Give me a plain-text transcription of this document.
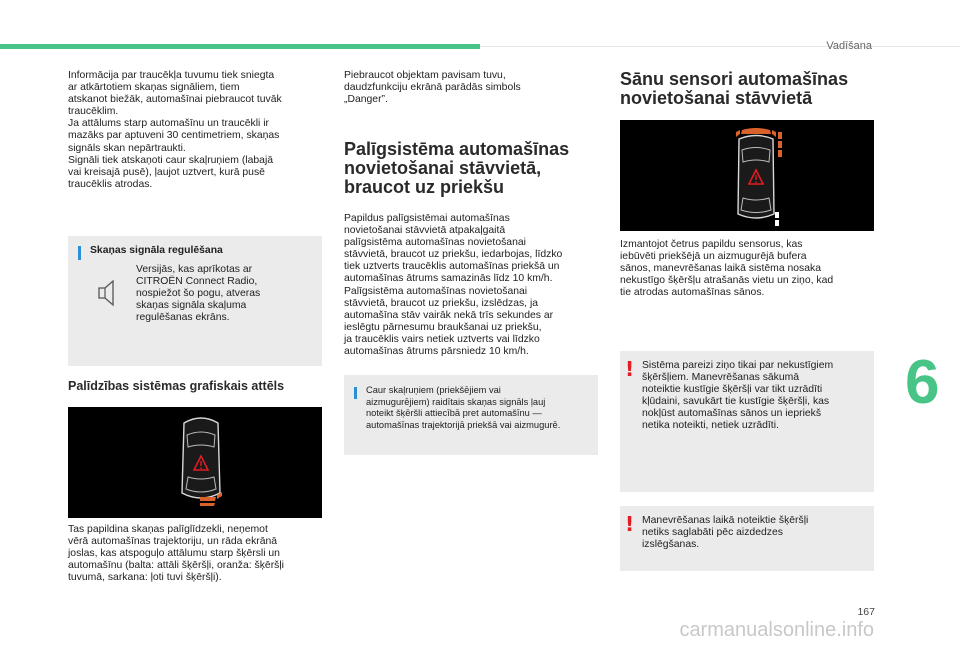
Vadīšana
Informācija par traucēkļa tuvumu tiek sniegta
ar atkārtotiem skaņas signāliem, tiem
atskanot biežāk, automašīnai piebraucot tuvāk
traucēklim.
Ja attālums starp automašīnu un traucēkli ir
mazāks par aptuveni 30 centimetriem, skaņas
signāls skan nepārtraukti.
Signāli tiek atskaņoti caur skaļruņiem (labajā
vai kreisajā pusē), ļaujot uztvert, kurā pusē
traucēklis atrodas.
Skaņas signāla regulēšana
Versijās, kas aprīkotas ar
CITROËN Connect Radio,
nospiežot šo pogu, atveras
skaņas signāla skaļuma
regulēšanas ekrāns.
Palīdzības sistēmas grafiskais attēls
Tas papildina skaņas palīglīdzekli, neņemot
vērā automašīnas trajektoriju, un rāda ekrānā
joslas, kas atspoguļo attālumu starp šķērsli un
automašīnu (balta: attāli šķēršļi, oranža: šķēršļi
tuvumā, sarkana: ļoti tuvi šķēršļi).
Piebraucot objektam pavisam tuvu,
daudzfunkciju ekrānā parādās simbols
„Danger”.
Palīgsistēma automašīnas
novietošanai stāvvietā,
braucot uz priekšu
Papildus palīgsistēmai automašīnas
novietošanai stāvvietā atpakaļgaitā
palīgsistēma automašīnas novietošanai
stāvvietā, braucot uz priekšu, iedarbojas, līdzko
tiek uztverts traucēklis automašīnas priekšā un
automašīnas ātrums samazinās līdz 10 km/h.
Palīgsistēma automašīnas novietošanai
stāvvietā, braucot uz priekšu, izslēdzas, ja
automašīna stāv vairāk nekā trīs sekundes ar
ieslēgtu pārnesumu braukšanai uz priekšu,
ja traucēklis vairs netiek uztverts vai līdzko
automašīnas ātrums pārsniedz 10 km/h.
Caur skaļruņiem (priekšējiem vai
aizmugurējiem) raidītais skaņas signāls ļauj
noteikt šķēršli attiecībā pret automašīnu —
automašīnas trajektorijā priekšā vai aizmugurē.
Sānu sensori automašīnas
novietošanai stāvvietā
Izmantojot četrus papildu sensorus, kas
iebūvēti priekšējā un aizmugurējā bufera
sānos, manevrēšanas laikā sistēma nosaka
nekustīgo šķēršļu atrašanās vietu un ziņo, kad
tie atrodas automašīnas sānos.
! Sistēma pareizi ziņo tikai par nekustīgiem
šķēršļiem. Manevrēšanas sākumā
noteiktie kustīgie šķēršļi var tikt uzrādīti
kļūdaini, savukārt tie kustīgie šķēršļi, kas
nokļūst automašīnas sānos un iepriekš
netika noteikti, netiek uzrādīti.
! Manevrēšanas laikā noteiktie šķēršļi
netiks saglabāti pēc aizdedzes
izslēgšanas.
6
167
carmanualsonline.info
